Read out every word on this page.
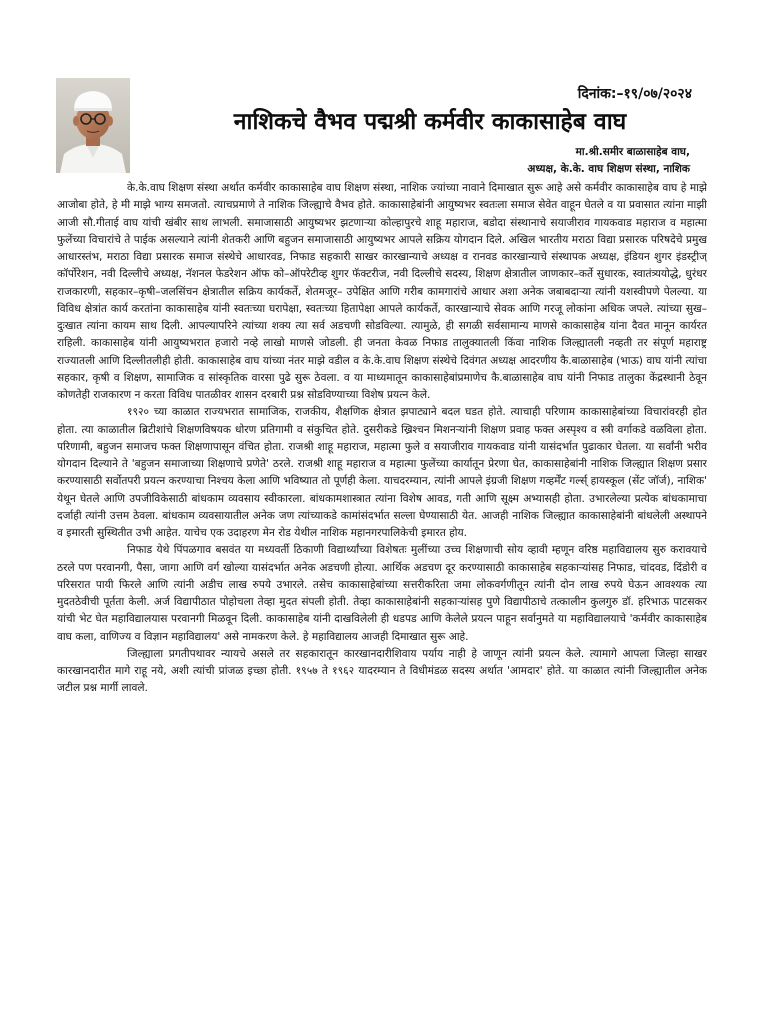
दिनांक:–१९/०७/२०२४
नाशिकचे वैभव पद्मश्री कर्मवीर काकासाहेब वाघ
मा.श्री.समीर बाळासाहेब वाघ,
अध्यक्ष, के.के. वाघ शिक्षण संस्था, नाशिक

के.के.वाघ शिक्षण संस्था अर्थात कर्मवीर काकासाहेब वाघ शिक्षण संस्था, नाशिक ज्यांच्या नावाने दिमाखात सुरू आहे असे कर्मवीर काकासाहेब वाघ हे माझे आजोबा होते, हे मी माझे भाग्य समजतो. त्याचप्रमाणे ते नाशिक जिल्ह्याचे वैभव होते. काकासाहेबांनी आयुष्यभर स्वतःला समाज सेवेत वाहून घेतले व या प्रवासात त्यांना माझी आजी सौ.गीताई वाघ यांची खंबीर साथ लाभली. समाजासाठी आयुष्यभर झटणाऱ्या कोल्हापुरचे शाहू महाराज, बडोदा संस्थानाचे सयाजीराव गायकवाड महाराज व महात्मा फुलेंच्या विचारांचे ते पाईक असल्याने त्यांनी शेतकरी आणि बहुजन समाजासाठी आयुष्यभर आपले सक्रिय योगदान दिले. अखिल भारतीय मराठा विद्या प्रसारक परिषदेचे प्रमुख आधारस्तंभ, मराठा विद्या प्रसारक समाज संस्थेचे आधारवड, निफाड सहकारी साखर कारखान्याचे अध्यक्ष व रानवड कारखान्याचे संस्थापक अध्यक्ष, इंडियन शुगर इंडस्ट्रीज् कॉर्पोरेशन, नवी दिल्लीचे अध्यक्ष, नॅशनल फेडरेशन ऑफ को–ऑपरेटीव्ह शुगर फॅक्टरीज, नवी दिल्लीचे सदस्य, शिक्षण क्षेत्रातील जाणकार–कर्ते सुधारक, स्वातंत्र्ययोद्धे, धुरंधर राजकारणी, सहकार–कृषी–जलसिंचन क्षेत्रातील सक्रिय कार्यकर्ते, शेतमजूर– उपेक्षित आणि गरीब कामगारांचे आधार अशा अनेक जबाबदाऱ्या त्यांनी यशस्वीपणे पेलल्या. या विविध क्षेत्रांत कार्य करतांना काकासाहेब यांनी स्वतःच्या घरापेक्षा, स्वतःच्या हितापेक्षा आपले कार्यकर्ते, कारखान्याचे सेवक आणि गरजू लोकांना अधिक जपले. त्यांच्या सुख–दुःखात त्यांना कायम साथ दिली. आपल्यापरिने त्यांच्या शक्य त्या सर्व अडचणी सोडविल्या. त्यामुळे, ही सगळी सर्वसामान्य माणसे काकासाहेब यांना दैवत मानून कार्यरत राहिली. काकासाहेब यांनी आयुष्यभरात हजारो नव्हे लाखो माणसे जोडली. ही जनता केवळ निफाड तालुक्यातली किंवा नाशिक जिल्ह्यातली नव्हती तर संपूर्ण महाराष्ट्र राज्यातली आणि दिल्लीतलीही होती. काकासाहेब वाघ यांच्या नंतर माझे वडील व के.के.वाघ शिक्षण संस्थेचे दिवंगत अध्यक्ष आदरणीय कै.बाळासाहेब (भाऊ) वाघ यांनी त्यांचा सहकार, कृषी व शिक्षण, सामाजिक व सांस्कृतिक वारसा पुढे सुरू ठेवला. व या माध्यमातून काकासाहेबांप्रमाणेच कै.बाळासाहेब वाघ यांनी निफाड तालुका केंद्रस्थानी ठेवून कोणतेही राजकारण न करता विविध पातळीवर शासन दरबारी प्रश्न सोडविण्याच्या विशेष प्रयत्न केले.

१९२० च्या काळात राज्यभरात सामाजिक, राजकीय, शैक्षणिक क्षेत्रात झपाट्याने बदल घडत होते. त्याचाही परिणाम काकासाहेबांच्या विचारांवरही होत होता. त्या काळातील ब्रिटीशांचे शिक्षणविषयक धोरण प्रतिगामी व संकुचित होते. दुसरीकडे ख्रिश्चन मिशनऱ्यांनी शिक्षण प्रवाह फक्त अस्पृश्य व स्त्री वर्गाकडे वळविला होता. परिणामी, बहुजन समाजच फक्त शिक्षणापासून वंचित होता. राजश्री शाहू महाराज, महात्मा फुले व सयाजीराव गायकवाड यांनी यासंदर्भात पुढाकार घेतला. या सर्वांनी भरीव योगदान दिल्याने ते 'बहुजन समाजाच्या शिक्षणाचे प्रणेते' ठरले. राजश्री शाहू महाराज व महात्मा फुलेंच्या कार्यातून प्रेरणा घेत, काकासाहेबांनी नाशिक जिल्ह्यात शिक्षण प्रसार करण्यासाठी सर्वोतपरी प्रयत्न करण्याचा निश्चय केला आणि भविष्यात तो पूर्णही केला. याचदरम्यान, त्यांनी आपले इंग्रजी शिक्षण गव्हर्मेंट गर्ल्स् हायस्कूल (सेंट जॉर्ज), नाशिक' येथून घेतले आणि उपजीविकेसाठी बांधकाम व्यवसाय स्वीकारला. बांधकामशास्त्रात त्यांना विशेष आवड, गती आणि सूक्ष्म अभ्यासही होता. उभारलेल्या प्रत्येक बांधकामाचा दर्जाही त्यांनी उत्तम ठेवला. बांधकाम व्यवसायातील अनेक जण त्यांच्याकडे कामांसंदर्भात सल्ला घेण्यासाठी येत. आजही नाशिक जिल्ह्यात काकासाहेबांनी बांधलेली अस्थापने व इमारती सुस्थितीत उभी आहेत. याचेच एक उदाहरण मेन रोड येथील नाशिक महानगरपालिकेची इमारत होय.

निफाड येथे पिंपळगाव बसवंत या मध्यवर्ती ठिकाणी विद्यार्थ्यांच्या विशेषतः मुलींच्या उच्च शिक्षणाची सोय व्हावी म्हणून वरिष्ठ महाविद्यालय सुरु करावयाचे ठरले पण परवानगी, पैसा, जागा आणि वर्ग खोल्या यासंदर्भात अनेक अडचणी होत्या. आर्थिक अडचण दूर करण्यासाठी काकासाहेब सहकाऱ्यांसह निफाड, चांदवड, दिंडोरी व परिसरात पायी फिरले आणि त्यांनी अडीच लाख रुपये उभारले. तसेच काकासाहेबांच्या सत्तरीकरिता जमा लोकवर्गणीतून त्यांनी दोन लाख रुपये घेऊन आवश्यक त्या मुदतठेवीची पूर्तता केली. अर्ज विद्यापीठात पोहोचला तेव्हा मुदत संपली होती. तेव्हा काकासाहेबांनी सहकाऱ्यांसह पुणे विद्यापीठाचे तत्कालीन कुलगुरु डॉ. हरिभाऊ पाटसकर यांची भेट घेत महाविद्यालयास परवानगी मिळवून दिली. काकासाहेब यांनी दाखविलेली ही धडपड आणि केलेले प्रयत्न पाहून सर्वानुमते या महाविद्यालयाचे 'कर्मवीर काकासाहेब वाघ कला, वाणिज्य व विज्ञान महाविद्यालय' असे नामकरण केले. हे महाविद्यालय आजही दिमाखात सुरू आहे.

जिल्ह्याला प्रगतीपथावर न्यायचे असले तर सहकारातून कारखानदारीशिवाय पर्याय नाही हे जाणून त्यांनी प्रयत्न केले. त्यामागे आपला जिल्हा साखर कारखानदारीत मागे राहू नये, अशी त्यांची प्रांजळ इच्छा होती. १९५७ ते १९६२ यादरम्यान ते विधीमंडळ सदस्य अर्थात 'आमदार' होते. या काळात त्यांनी जिल्ह्यातील अनेक जटील प्रश्न मार्गी लावले.
